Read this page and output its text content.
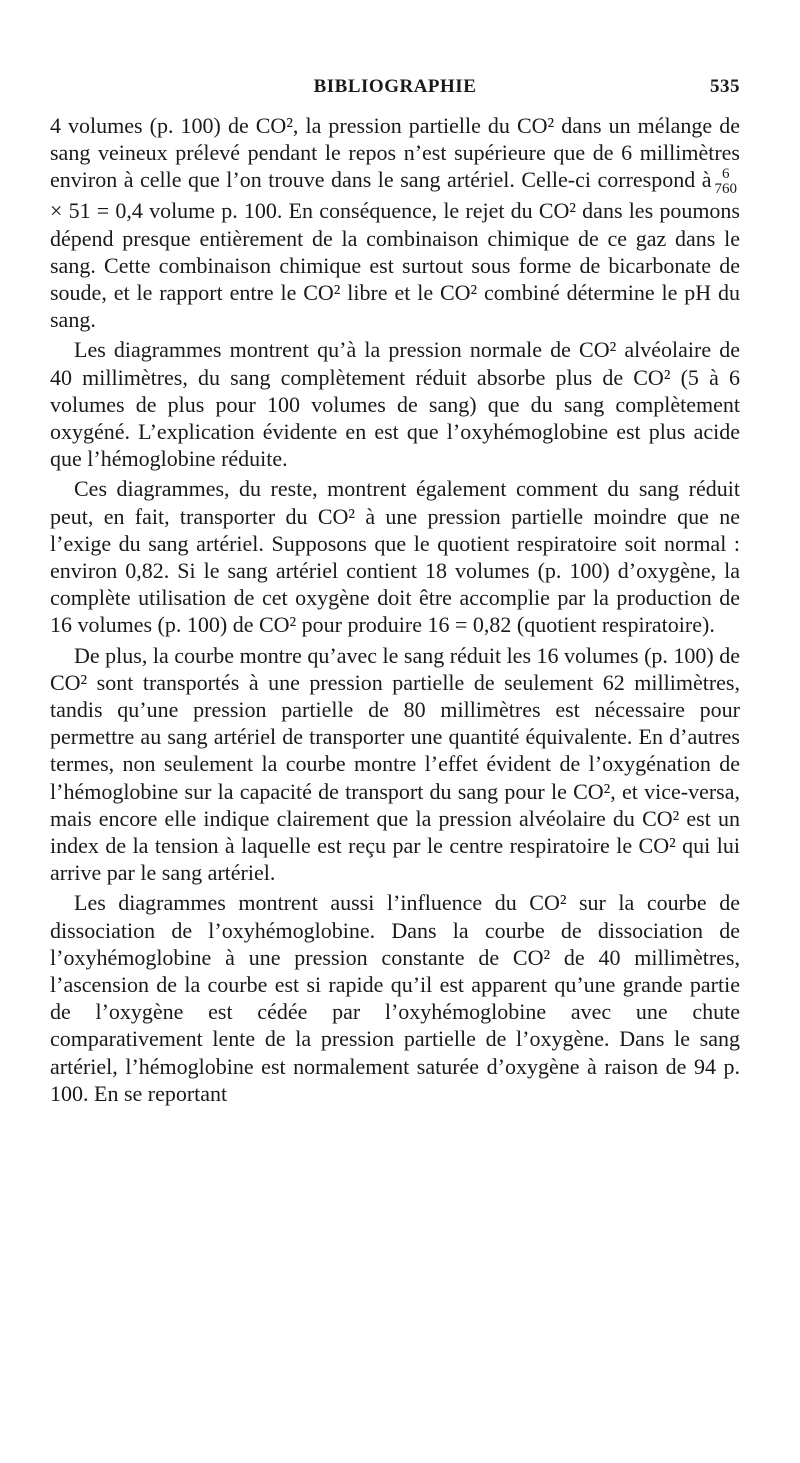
BIBLIOGRAPHIE	535

4 volumes (p. 100) de CO², la pression partielle du CO² dans un mélange de sang veineux prélevé pendant le repos n’est supérieure que de 6 millimètres environ à celle que l’on trouve dans le sang artériel. Celle-ci correspond à 6
760
× 51 = 0,4 volume p. 100. En conséquence, le rejet du CO² dans les poumons dépend presque entièrement de la combinaison chimique de ce gaz dans le sang. Cette combinaison chimique est surtout sous forme de bicarbonate de soude, et le rapport entre le CO² libre et le CO² combiné détermine le pH du sang.

Les diagrammes montrent qu’à la pression normale de CO² alvéolaire de 40 millimètres, du sang complètement réduit absorbe plus de CO² (5 à 6 volumes de plus pour 100 volumes de sang) que du sang complètement oxygéné. L’explication évidente en est que l’oxyhémoglobine est plus acide que l’hémoglobine réduite.

Ces diagrammes, du reste, montrent également comment du sang réduit peut, en fait, transporter du CO² à une pression partielle moindre que ne l’exige du sang artériel. Supposons que le quotient respiratoire soit normal : environ 0,82. Si le sang artériel contient 18 volumes (p. 100) d’oxygène, la complète utilisation de cet oxygène doit être accomplie par la production de 16 volumes (p. 100) de CO² pour produire 16 = 0,82 (quotient respiratoire).

De plus, la courbe montre qu’avec le sang réduit les 16 volumes (p. 100) de CO² sont transportés à une pression partielle de seulement 62 millimètres, tandis qu’une pression partielle de 80 millimètres est nécessaire pour permettre au sang artériel de transporter une quantité équivalente. En d’autres termes, non seulement la courbe montre l’effet évident de l’oxygénation de l’hémoglobine sur la capacité de transport du sang pour le CO², et vice-versa, mais encore elle indique clairement que la pression alvéolaire du CO² est un index de la tension à laquelle est reçu par le centre respiratoire le CO² qui lui arrive par le sang artériel.

Les diagrammes montrent aussi l’influence du CO² sur la courbe de dissociation de l’oxyhémoglobine. Dans la courbe de dissociation de l’oxyhémoglobine à une pression constante de CO² de 40 millimètres, l’ascension de la courbe est si rapide qu’il est apparent qu’une grande partie de l’oxygène est cédée par l’oxyhémoglobine avec une chute comparativement lente de la pression partielle de l’oxygène. Dans le sang artériel, l’hémoglobine est normalement saturée d’oxygène à raison de 94 p. 100. En se reportant
